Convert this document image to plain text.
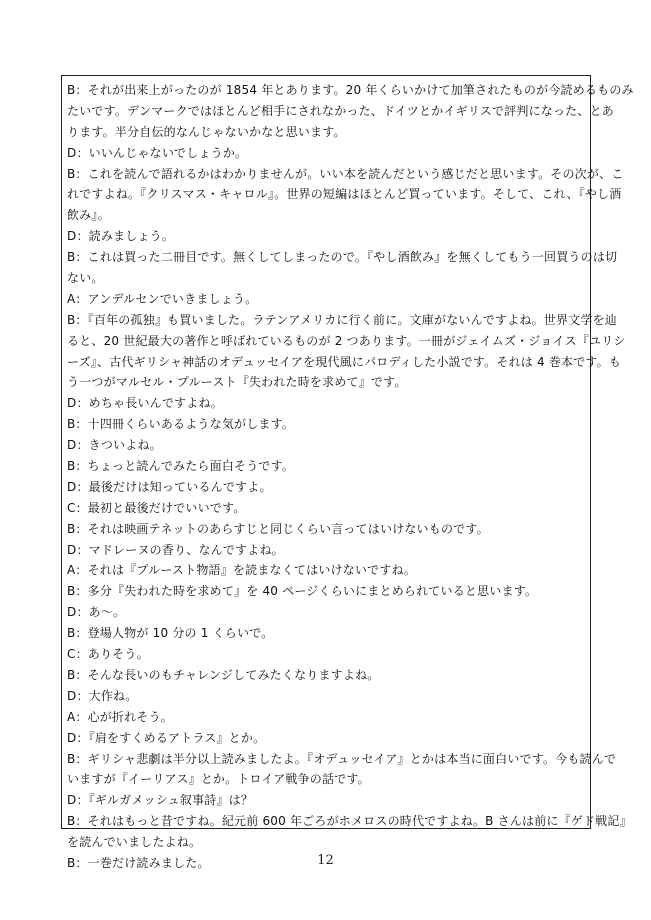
B：それが出来上がったのが 1854 年とあります。20 年くらいかけて加筆されたものが今読めるものみ
たいです。デンマークではほとんど相手にされなかった、ドイツとかイギリスで評判になった、とあ
ります。半分自伝的なんじゃないかなと思います。
D：いいんじゃないでしょうか。
B：これを読んで語れるかはわかりませんが。いい本を読んだという感じだと思います。その次が、こ
れですよね。『クリスマス・キャロル』。世界の短編はほとんど買っています。そして、これ、『やし酒
飲み』。
D：読みましょう。
B：これは買った二冊目です。無くしてしまったので。『やし酒飲み』を無くしてもう一回買うのは切
ない。
A：アンデルセンでいきましょう。
B：『百年の孤独』も買いました。ラテンアメリカに行く前に。文庫がないんですよね。世界文学を辿
ると、20 世紀最大の著作と呼ばれているものが 2 つあります。一冊がジェイムズ・ジョイス『ユリシ
ーズ』、古代ギリシャ神話のオデュッセイアを現代風にパロディした小説です。それは 4 巻本です。も
う一つがマルセル・プルースト『失われた時を求めて』です。
D：めちゃ長いんですよね。
B：十四冊くらいあるような気がします。
D：きついよね。
B：ちょっと読んでみたら面白そうです。
D：最後だけは知っているんですよ。
C：最初と最後だけでいいです。
B：それは映画テネットのあらすじと同じくらい言ってはいけないものです。
D：マドレーヌの香り、なんですよね。
A：それは『プルースト物語』を読まなくてはいけないですね。
B：多分『失われた時を求めて』を 40 ページくらいにまとめられていると思います。
D：あ～。
B：登場人物が 10 分の 1 くらいで。
C：ありそう。
B：そんな長いのもチャレンジしてみたくなりますよね。
D：大作ね。
A：心が折れそう。
D：『肩をすくめるアトラス』とか。
B：ギリシャ悲劇は半分以上読みましたよ。『オデュッセイア』とかは本当に面白いです。今も読んで
いますが『イーリアス』とか。トロイア戦争の話です。
D：『ギルガメッシュ叙事詩』は？
B：それはもっと昔ですね。紀元前 600 年ごろがホメロスの時代ですよね。B さんは前に『ゲド戦記』
を読んでいましたよね。
B：一巻だけ読みました。	12
